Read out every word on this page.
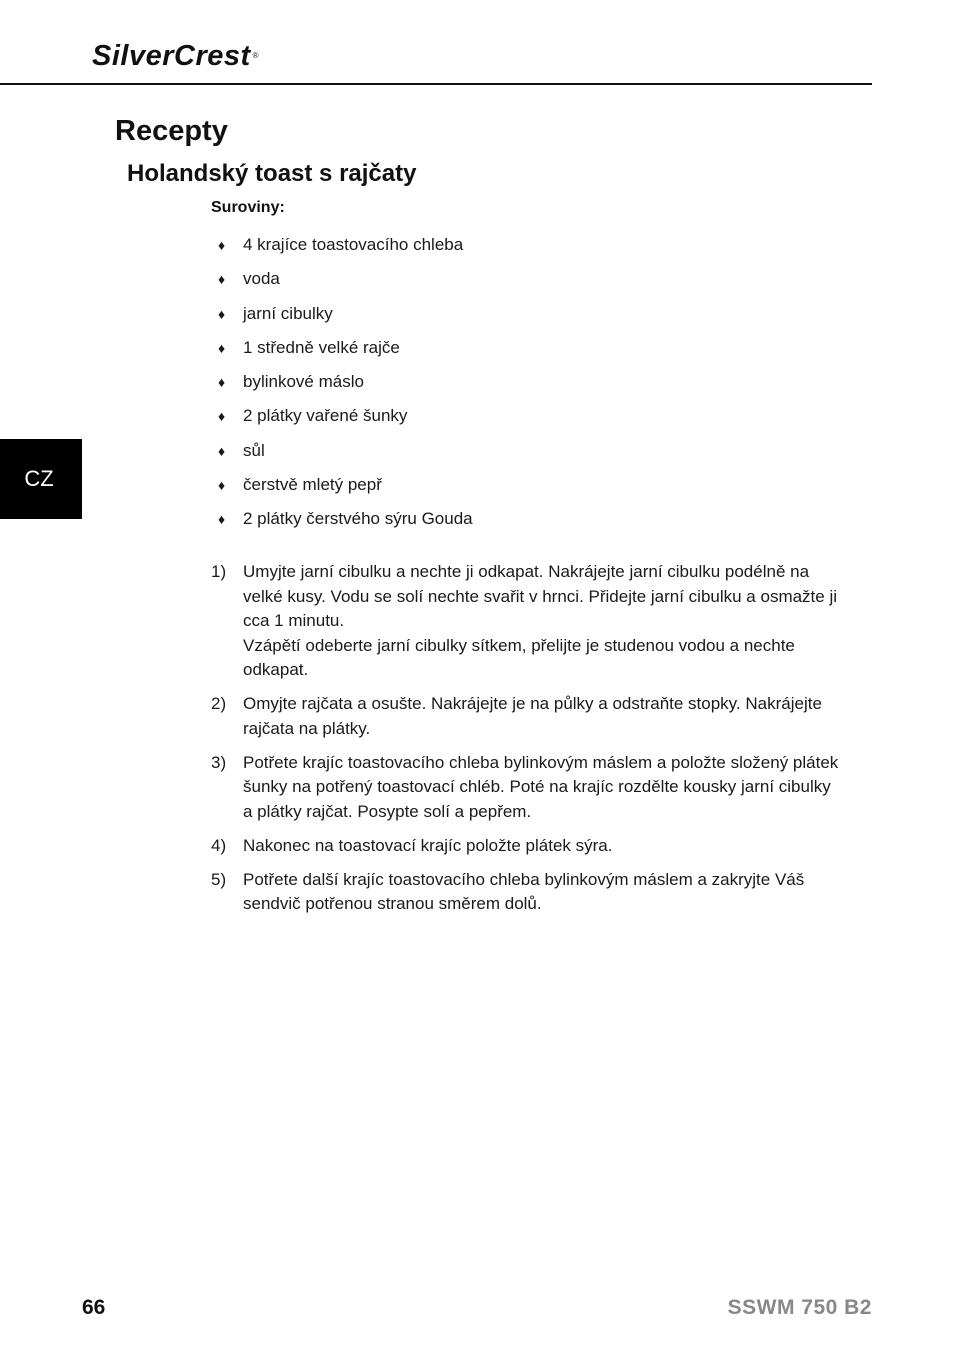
SilverCrest ®
Recepty
Holandský toast s rajčaty
Suroviny:
♦	4 krajíce toastovacího chleba
♦	voda
♦	jarní cibulky
♦	1 středně velké rajče
♦	bylinkové máslo
♦	2 plátky vařené šunky
♦	sůl
♦	čerstvě mletý pepř
♦	2 plátky čerstvého sýru Gouda
1) Umyjte jarní cibulku a nechte ji odkapat. Nakrájejte jarní cibulku podélně na velké kusy. Vodu se solí nechte svařit v hrnci. Přidejte jarní cibulku a osmažte ji cca 1 minutu.
Vzápětí odeberte jarní cibulky sítkem, přelijte je studenou vodou a nechte odkapat.
2) Omyjte rajčata a osušte. Nakrájejte je na půlky a odstraňte stopky. Nakrájejte rajčata na plátky.
3) Potřete krajíc toastovacího chleba bylinkovým máslem a položte složený plátek šunky na potřený toastovací chléb. Poté na krajíc rozdělte kousky jarní cibulky a plátky rajčat. Posypte solí a pepřem.
4) Nakonec na toastovací krajíc položte plátek sýra.
5) Potřete další krajíc toastovacího chleba bylinkovým máslem a zakryjte Váš sendvič potřenou stranou směrem dolů.
CZ
66	SSWM 750 B2
